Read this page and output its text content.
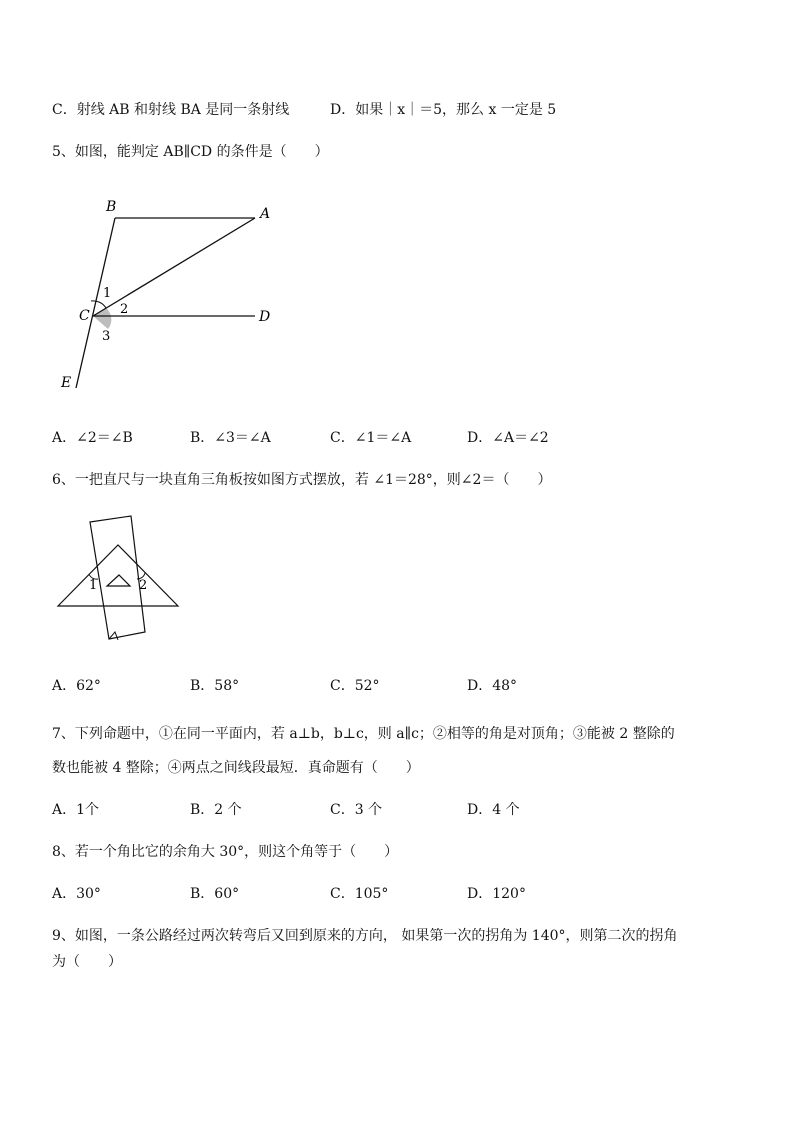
C．射线 AB 和射线 BA 是同一条射线	D．如果｜x｜＝5，那么 x 一定是 5
5、如图，能判定 AB∥CD 的条件是（　　）
B	A
C	D
E
1
2
3
A．∠2＝∠B	B．∠3＝∠A	C．∠1＝∠A	D．∠A＝∠2
6、一把直尺与一块直角三角板按如图方式摆放，若 ∠1＝28°，则∠2＝（　　）
1	2
A．62°	B．58°	C．52°	D．48°
7、下列命题中，①在同一平面内，若 a⊥b，b⊥c，则 a∥c；②相等的角是对顶角；③能被 2 整除的
数也能被 4 整除；④两点之间线段最短．真命题有（　　）
A．1个	B．2 个	C．3 个	D．4 个
8、若一个角比它的余角大 30°，则这个角等于（　　）
A．30°	B．60°	C．105°	D．120°
9、如图，一条公路经过两次转弯后又回到原来的方向， 如果第一次的拐角为 140°，则第二次的拐角
为（　　）
